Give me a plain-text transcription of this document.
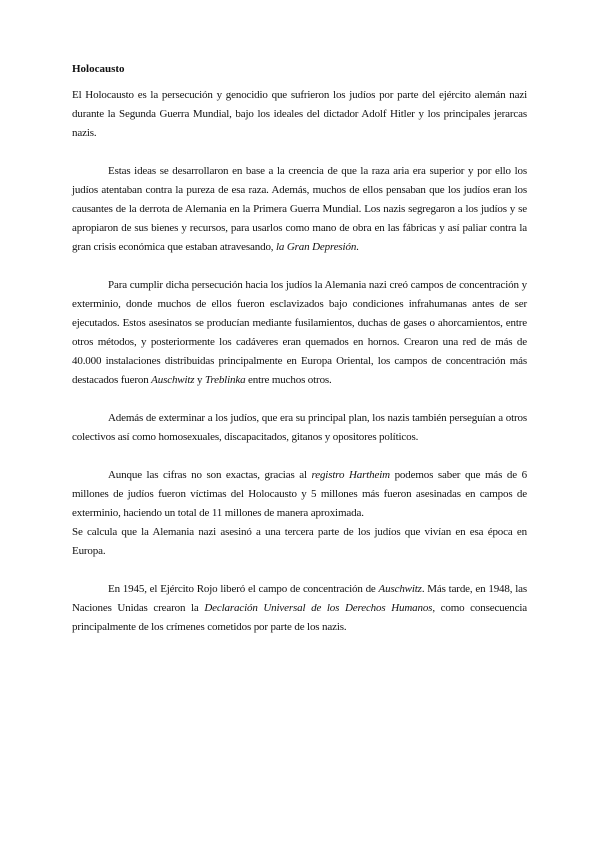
Holocausto

El Holocausto es la persecución y genocidio que sufrieron los judíos por parte del ejército alemán nazi durante la Segunda Guerra Mundial, bajo los ideales del dictador Adolf Hitler y los principales jerarcas nazis.

Estas ideas se desarrollaron en base a la creencia de que la raza aria era superior y por ello los judíos atentaban contra la pureza de esa raza. Además, muchos de ellos pensaban que los judíos eran los causantes de la derrota de Alemania en la Primera Guerra Mundial. Los nazis segregaron a los judíos y se apropiaron de sus bienes y recursos, para usarlos como mano de obra en las fábricas y así paliar contra la gran crisis económica que estaban atravesando, la Gran Depresión.

Para cumplir dicha persecución hacia los judíos la Alemania nazi creó campos de concentración y exterminio, donde muchos de ellos fueron esclavizados bajo condiciones infrahumanas antes de ser ejecutados. Estos asesinatos se producían mediante fusilamientos, duchas de gases o ahorcamientos, entre otros métodos, y posteriormente los cadáveres eran quemados en hornos. Crearon una red de más de 40.000 instalaciones distribuidas principalmente en Europa Oriental, los campos de concentración más destacados fueron Auschwitz y Treblinka entre muchos otros.

Además de exterminar a los judíos, que era su principal plan, los nazis también perseguían a otros colectivos así como homosexuales, discapacitados, gitanos y opositores políticos.

Aunque las cifras no son exactas, gracias al registro Hartheim podemos saber que más de 6 millones de judíos fueron víctimas del Holocausto y 5 millones más fueron asesinadas en campos de exterminio, haciendo un total de 11 millones de manera aproximada.

Se calcula que la Alemania nazi asesinó a una tercera parte de los judíos que vivían en esa época en Europa.

En 1945, el Ejército Rojo liberó el campo de concentración de Auschwitz. Más tarde, en 1948, las Naciones Unidas crearon la Declaración Universal de los Derechos Humanos, como consecuencia principalmente de los crímenes cometidos por parte de los nazis.
